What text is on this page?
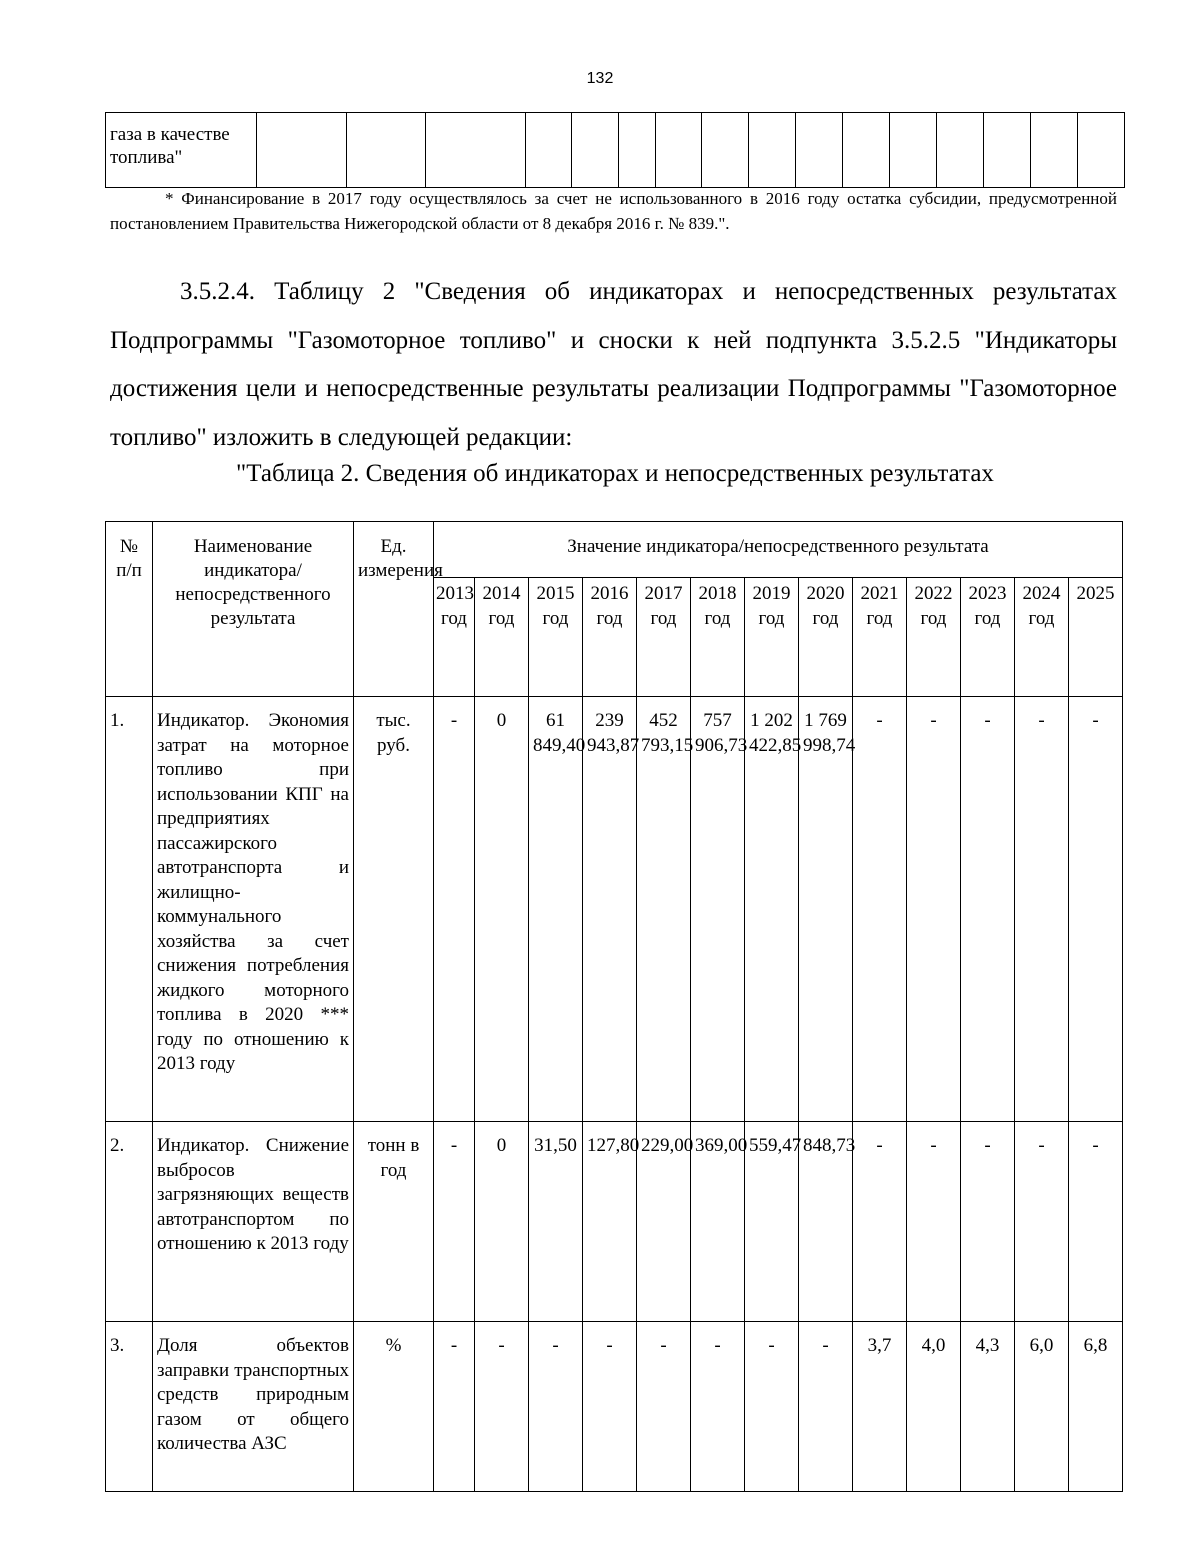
132
газа в качестве топлива"																
* Финансирование в 2017 году осуществлялось за счет не использованного в 2016 году остатка субсидии, предусмотренной постановлением Правительства Нижегородской области от 8 декабря 2016 г. № 839.".
3.5.2.4. Таблицу 2 "Сведения об индикаторах и непосредственных результатах Подпрограммы "Газомоторное топливо" и сноски к ней подпункта 3.5.2.5 "Индикаторы достижения цели и непосредственные результаты реализации Подпрограммы "Газомоторное топливо" изложить в следующей редакции:
"Таблица 2. Сведения об индикаторах и непосредственных результатах
№ п/п	Наименование индикатора/непосредственного результата	Ед. измерения	Значение индикатора/непосредственного результата												
			2013 год	2014 год	2015 год	2016 год	2017 год	2018 год	2019 год	2020 год	2021 год	2022 год	2023 год	2024 год	2025
1.	Индикатор. Экономия затрат на моторное топливо при использовании КПГ на предприятиях пассажирского автотранспорта и жилищно-коммунального хозяйства за счет снижения потребления жидкого моторного топлива в 2020 *** году по отношению к 2013 году	тыс. руб.	-	0	61 849,40	239 943,87	452 793,15	757 906,73	1 202 422,85	1 769 998,74	-	-	-	-	-
2.	Индикатор. Снижение выбросов загрязняющих веществ автотранспортом по отношению к 2013 году	тонн в год	-	0	31,50	127,80	229,00	369,00	559,47	848,73	-	-	-	-	-
3.	Доля объектов заправки транспортных средств природным газом от общего количества АЗС	%	-	-	-	-	-	-	-	-	3,7	4,0	4,3	6,0	6,8
